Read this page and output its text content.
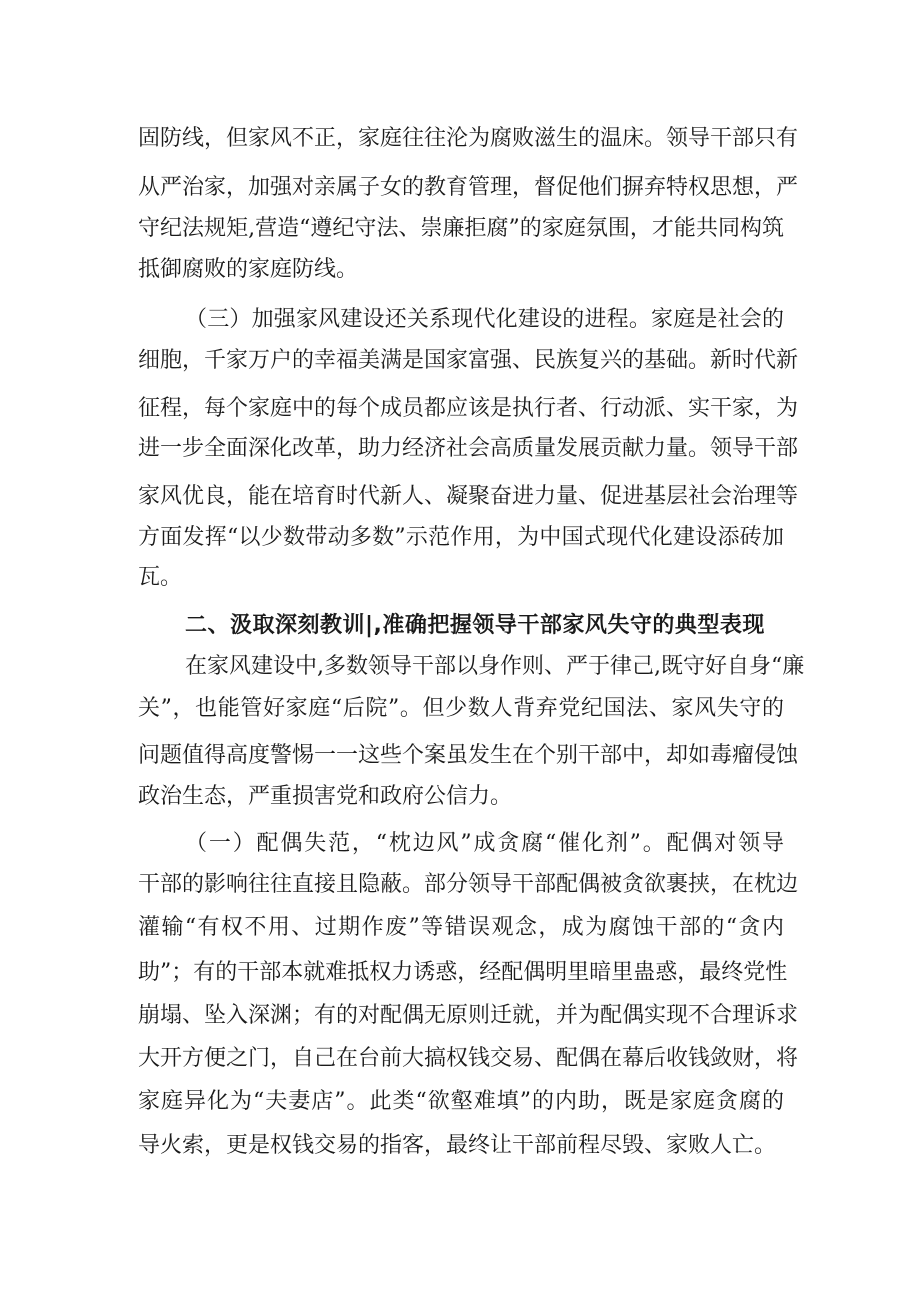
固防线，但家风不正，家庭往往沦为腐败滋生的温床。领导干部只有
从严治家，加强对亲属子女的教育管理，督促他们摒弃特权思想，严
守纪法规矩,营造“遵纪守法、崇廉拒腐”的家庭氛围，才能共同构筑
抵御腐败的家庭防线。
（三）加强家风建设还关系现代化建设的进程。家庭是社会的
细胞，千家万户的幸福美满是国家富强、民族复兴的基础。新时代新
征程，每个家庭中的每个成员都应该是执行者、行动派、实干家，为
进一步全面深化改革，助力经济社会高质量发展贡献力量。领导干部
家风优良，能在培育时代新人、凝聚奋进力量、促进基层社会治理等
方面发挥“以少数带动多数”示范作用，为中国式现代化建设添砖加
瓦。
二、汲取深刻教训|,准确把握领导干部家风失守的典型表现
在家风建设中,多数领导干部以身作则、严于律己,既守好自身“廉
关”，也能管好家庭“后院”。但少数人背弃党纪国法、家风失守的
问题值得高度警惕一一这些个案虽发生在个别干部中，却如毒瘤侵蚀
政治生态，严重损害党和政府公信力。
（一）配偶失范，“枕边风”成贪腐“催化剂”。配偶对领导
干部的影响往往直接且隐蔽。部分领导干部配偶被贪欲裹挟，在枕边
灌输“有权不用、过期作废”等错误观念，成为腐蚀干部的“贪内
助”；有的干部本就难抵权力诱惑，经配偶明里暗里蛊惑，最终党性
崩塌、坠入深渊；有的对配偶无原则迁就，并为配偶实现不合理诉求
大开方便之门，自己在台前大搞权钱交易、配偶在幕后收钱敛财，将
家庭异化为“夫妻店”。此类“欲壑难填”的内助，既是家庭贪腐的
导火索，更是权钱交易的指客，最终让干部前程尽毁、家败人亡。
